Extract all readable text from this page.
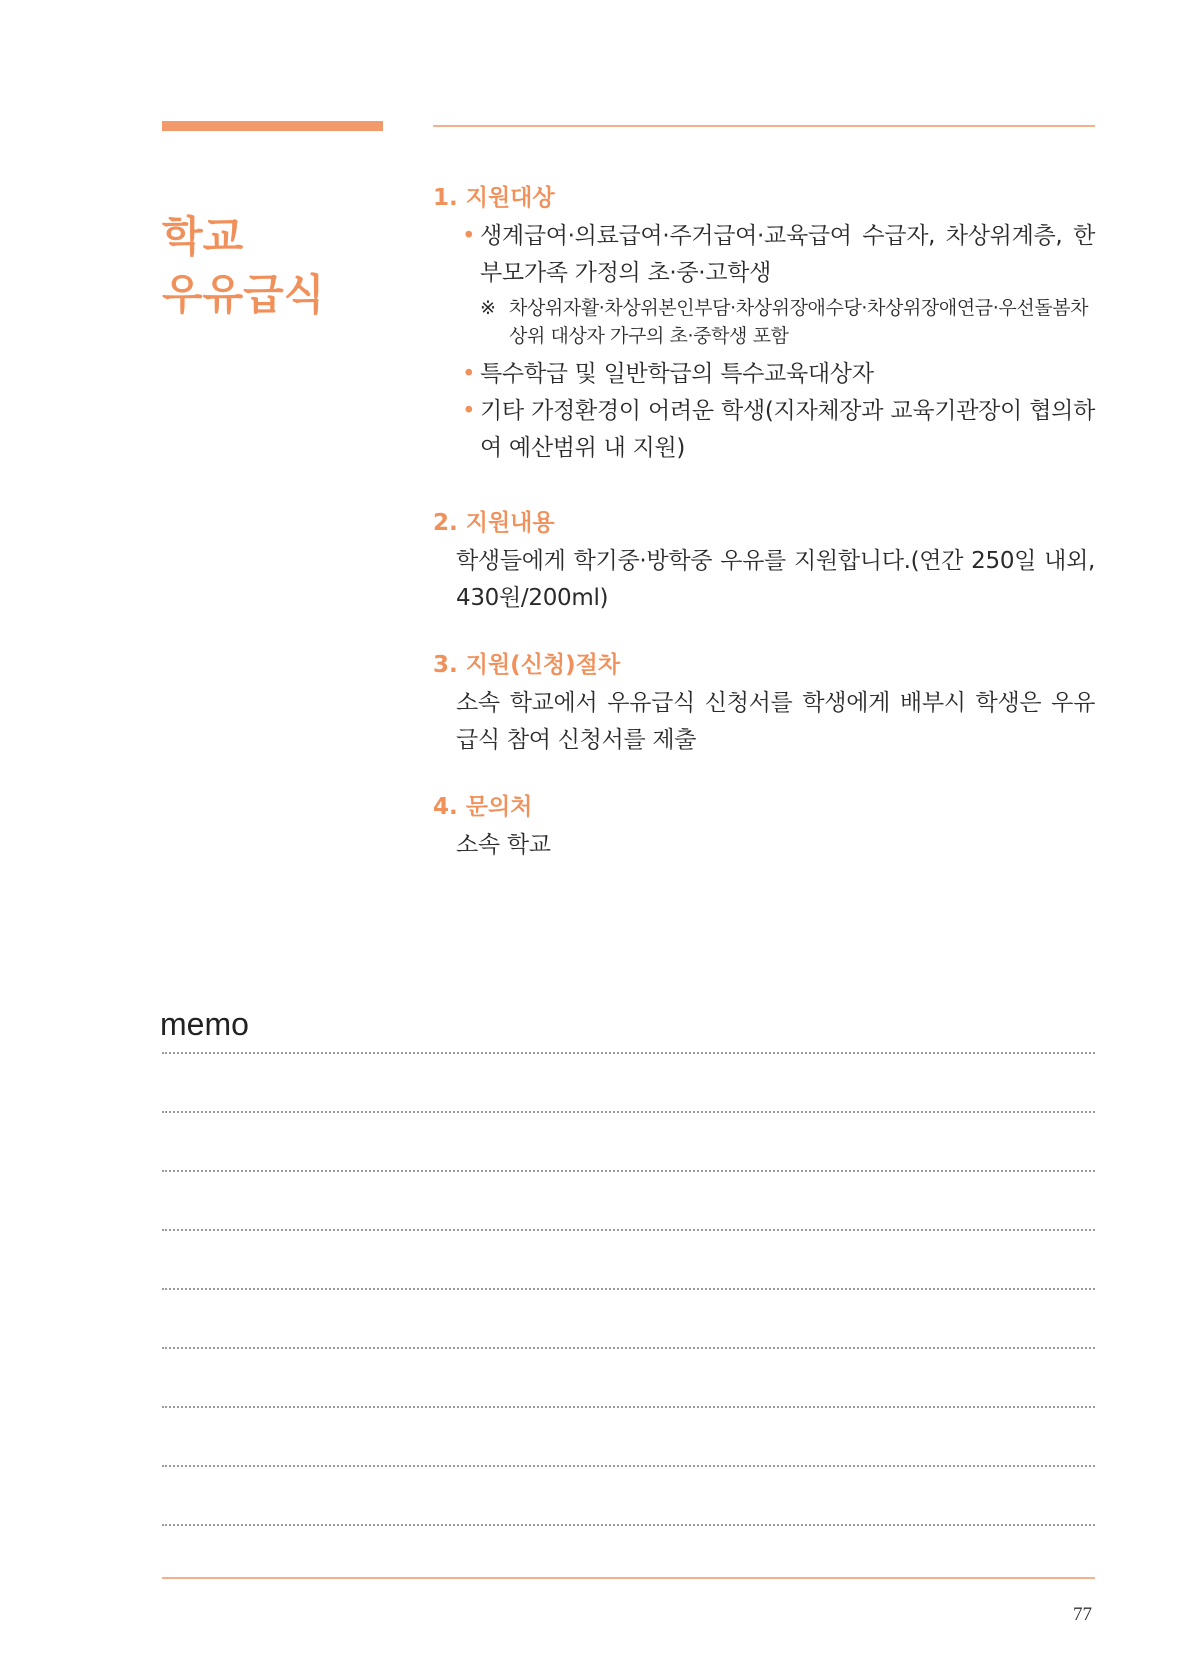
학교
우유급식
1. 지원대상
• 생계급여·의료급여·주거급여·교육급여 수급자, 차상위계층, 한부모가족 가정의 초·중·고학생
※ 차상위자활·차상위본인부담·차상위장애수당·차상위장애연금·우선돌봄차상위 대상자 가구의 초·중학생 포함
• 특수학급 및 일반학급의 특수교육대상자
• 기타 가정환경이 어려운 학생(지자체장과 교육기관장이 협의하여 예산범위 내 지원)
2. 지원내용
학생들에게 학기중·방학중 우유를 지원합니다.(연간 250일 내외, 430원/200ml)
3. 지원(신청)절차
소속 학교에서 우유급식 신청서를 학생에게 배부시 학생은 우유급식 참여 신청서를 제출
4. 문의처
소속 학교
memo
77
